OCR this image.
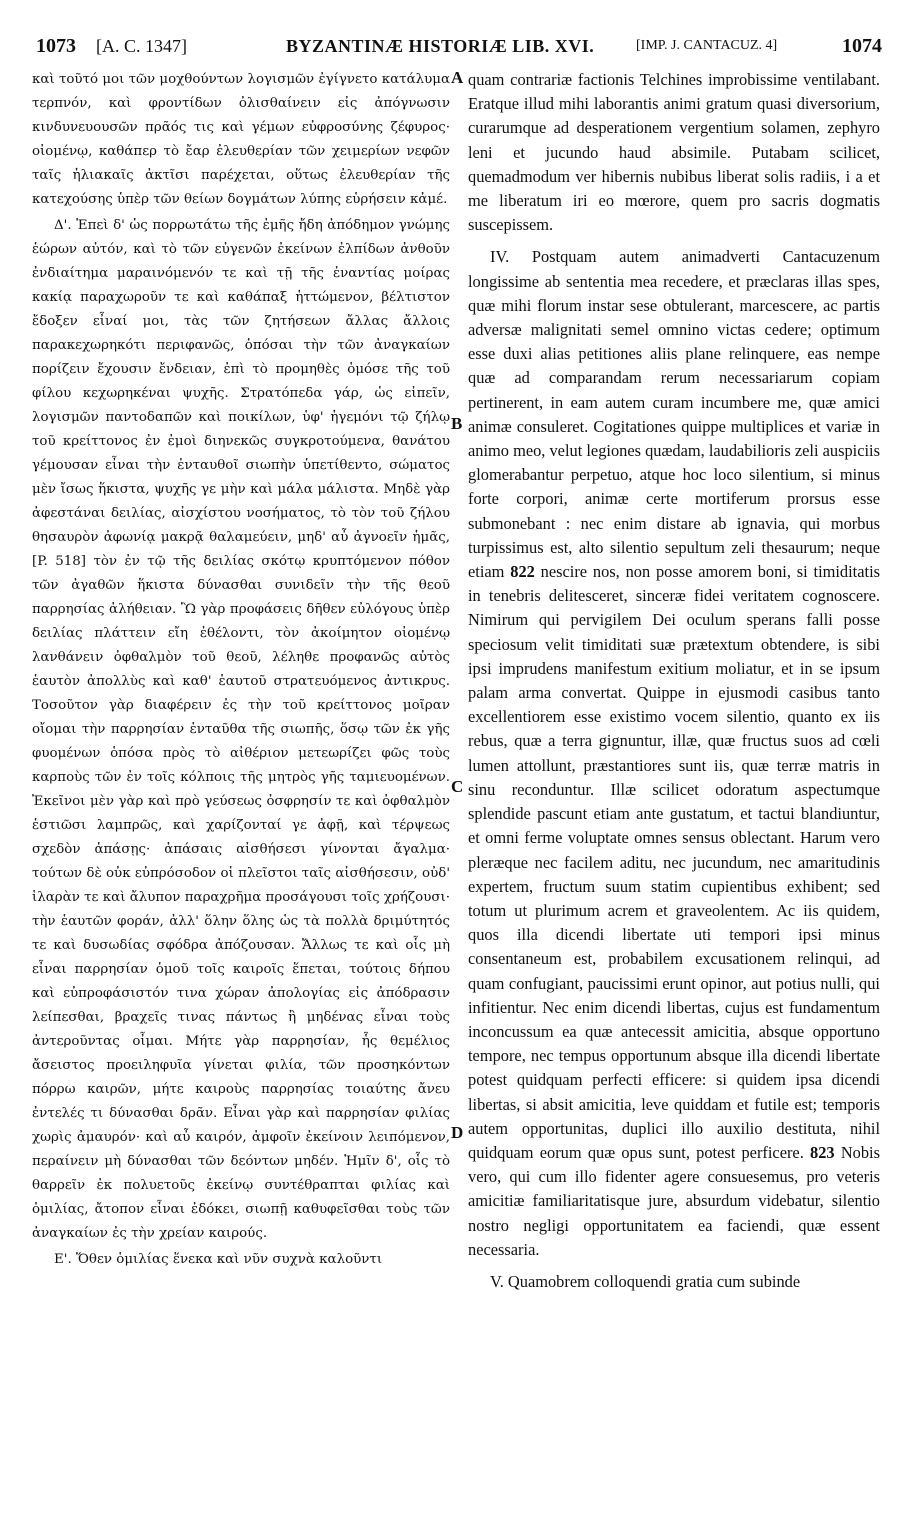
1073 [A. C. 1347]	BYZANTINÆ HISTORIÆ LIB. XVI.	[IMP. J. CANTACUZ. 4]	1074

καὶ τοῦτό μοι τῶν μοχθούντων λογισμῶν ἐγίγνετο κατάλυμα τερπνόν, καὶ φροντίδων ὀλισθαίνειν εἰς ἀπόγνωσιν κινδυνευουσῶν πρᾶός τις καὶ γέμων εὐφροσύνης ζέφυρος· οἰομένῳ, καθάπερ τὸ ἔαρ ἐλευθερίαν τῶν χειμερίων νεφῶν ταῖς ἡλιακαῖς ἀκτῖσι παρέχεται, οὕτως ἐλευθερίαν τῆς κατεχούσης ὑπὲρ τῶν θείων δογμάτων λύπης εὑρήσειν κἀμέ.

Δ'. Ἐπεὶ δ' ὡς πορρωτάτω τῆς ἐμῆς ἤδη ἀπόδημον γνώμης ἑώρων αὐτόν, καὶ τὸ τῶν εὐγενῶν ἐκείνων ἐλπίδων ἀνθοῦν ἐνδιαίτημα μαραινόμενόν τε καὶ τῇ τῆς ἐναντίας μοίρας κακίᾳ παραχωροῦν τε καὶ καθάπαξ ἡττώμενον, βέλτιστον ἔδοξεν εἶναί μοι, τὰς τῶν ζητήσεων ἄλλας ἄλλοις παρακεχωρηκότι περιφανῶς, ὁπόσαι τὴν τῶν ἀναγκαίων πορίζειν ἔχουσιν ἔνδειαν, ἐπὶ τὸ προμηθὲς ὁμόσε τῆς τοῦ φίλου κεχωρηκέναι ψυχῆς. Στρατόπεδα γάρ, ὡς εἰπεῖν, λογισμῶν παντοδαπῶν καὶ ποικίλων, ὑφ' ἡγεμόνι τῷ ζήλῳ τοῦ κρείττονος ἐν ἐμοὶ διηνεκῶς συγκροτούμενα, θανάτου γέμουσαν εἶναι τὴν ἐνταυθοῖ σιωπὴν ὑπετίθεντο, σώματος μὲν ἴσως ἥκιστα, ψυχῆς γε μὴν καὶ μάλα μάλιστα. Μηδὲ γὰρ ἀφεστάναι δειλίας, αἰσχίστου νοσήματος, τὸ τὸν τοῦ ζήλου θησαυρὸν ἀφωνίᾳ μακρᾷ θαλαμεύειν, μηδ' αὖ ἀγνοεῖν ἡμᾶς, [P. 518] τὸν ἐν τῷ τῆς δειλίας σκότῳ κρυπτόμενον πόθον τῶν ἀγαθῶν ἥκιστα δύνασθαι συνιδεῖν τὴν τῆς θεοῦ παρρησίας ἀλήθειαν. Ὢ γὰρ προφάσεις δῆθεν εὐλόγους ὑπὲρ δειλίας πλάττειν εἴη ἐθέλοντι, τὸν ἀκοίμητον οἰομένῳ λανθάνειν ὀφθαλμὸν τοῦ θεοῦ, λέληθε προφανῶς αὐτὸς ἑαυτὸν ἀπολλὺς καὶ καθ' ἑαυτοῦ στρατευόμενος ἀντικρυς. Τοσοῦτον γὰρ διαφέρειν ἐς τὴν τοῦ κρείττονος μοῖραν οἴομαι τὴν παρρησίαν ἐνταῦθα τῆς σιωπῆς, ὅσῳ τῶν ἐκ γῆς φυομένων ὁπόσα πρὸς τὸ αἰθέριον μετεωρίζει φῶς τοὺς καρποὺς τῶν ἐν τοῖς κόλποις τῆς μητρὸς γῆς ταμιευομένων. Ἐκεῖνοι μὲν γὰρ καὶ πρὸ γεύσεως ὀσφρησίν τε καὶ ὀφθαλμὸν ἑστιῶσι λαμπρῶς, καὶ χαρίζονταί γε ἀφῇ, καὶ τέρψεως σχεδὸν ἁπάσῃς· ἁπάσαις αἰσθήσεσι γίνονται ἄγαλμα· τούτων δὲ οὐκ εὐπρόσοδον οἱ πλεῖστοι ταῖς αἰσθήσεσιν, οὐδ' ἱλαρὰν τε καὶ ἄλυπον παραχρῆμα προσάγουσι τοῖς χρήζουσι· τὴν ἑαυτῶν φοράν, ἀλλ' ὅλην ὅλης ὡς τὰ πολλὰ δριμύτητός τε καὶ δυσωδίας σφόδρα ἀπόζουσαν. Ἄλλως τε καὶ οἷς μὴ εἶναι παρρησίαν ὁμοῦ τοῖς καιροῖς ἕπεται, τούτοις δήπου καὶ εὐπροφάσιστόν τινα χώραν ἀπολογίας εἰς ἀπόδρασιν λείπεσθαι, βραχεῖς τινας πάντως ἢ μηδένας εἶναι τοὺς ἀντεροῦντας οἶμαι. Μήτε γὰρ παρρησίαν, ἧς θεμέλιος ἄσειστος προειληφυῖα γίνεται φιλία, τῶν προσηκόντων πόρρω καιρῶν, μήτε καιροὺς παρρησίας τοιαύτης ἄνευ ἐντελές τι δύνασθαι δρᾶν. Εἶναι γὰρ καὶ παρρησίαν φιλίας χωρὶς ἀμαυρόν· καὶ αὖ καιρόν, ἀμφοῖν ἐκείνοιν λειπόμενον, περαίνειν μὴ δύνασθαι τῶν δεόντων μηδέν. Ἡμῖν δ', οἷς τὸ θαρρεῖν ἐκ πολυετοῦς ἐκείνῳ συντέθραπται φιλίας καὶ ὁμιλίας, ἄτοπον εἶναι ἐδόκει, σιωπῇ καθυφεῖσθαι τοὺς τῶν ἀναγκαίων ἐς τὴν χρείαν καιρούς.

Ε'. Ὅθεν ὁμιλίας ἕνεκα καὶ νῦν συχνὰ καλοῦντι

A
B
C
D

quam contrariæ factionis Telchines improbissime ventilabant. Eratque illud mihi laborantis animi gratum quasi diversorium, curarumque ad desperationem vergentium solamen, zephyro leni et jucundo haud absimile. Putabam scilicet, quemadmodum ver hibernis nubibus liberat solis radiis, i a et me liberatum iri eo mœrore, quem pro sacris dogmatis suscepissem.

IV. Postquam autem animadverti Cantacuzenum longissime ab sententia mea recedere, et præclaras illas spes, quæ mihi florum instar sese obtulerant, marcescere, ac partis adversæ malignitati semel omnino victas cedere; optimum esse duxi alias petitiones aliis plane relinquere, eas nempe quæ ad comparandam rerum necessariarum copiam pertinerent, in eam autem curam incumbere me, quæ amici animæ consuleret. Cogitationes quippe multiplices et variæ in animo meo, velut legiones quædam, laudabilioris zeli auspiciis glomerabantur perpetuo, atque hoc loco silentium, si minus forte corpori, animæ certe mortiferum prorsus esse submonebant : nec enim distare ab ignavia, qui morbus turpissimus est, alto silentio sepultum zeli thesaurum; neque etiam 822 nescire nos, non posse amorem boni, si timiditatis in tenebris delitesceret, sinceræ fidei veritatem cognoscere. Nimirum qui pervigilem Dei oculum sperans falli posse speciosum velit timiditati suæ prætextum obtendere, is sibi ipsi imprudens manifestum exitium moliatur, et in se ipsum palam arma convertat. Quippe in ejusmodi casibus tanto excellentiorem esse existimo vocem silentio, quanto ex iis rebus, quæ a terra gignuntur, illæ, quæ fructus suos ad cœli lumen attollunt, præstantiores sunt iis, quæ terræ matris in sinu reconduntur. Illæ scilicet odoratum aspectumque splendide pascunt etiam ante gustatum, et tactui blandiuntur, et omni ferme voluptate omnes sensus oblectant. Harum vero pleræque nec facilem aditu, nec jucundum, nec amaritudinis expertem, fructum suum statim cupientibus exhibent; sed totum ut plurimum acrem et graveolentem. Ac iis quidem, quos illa dicendi libertate uti tempori ipsi minus consentaneum est, probabilem excusationem relinqui, ad quam confugiant, paucissimi erunt opinor, aut potius nulli, qui infitientur. Nec enim dicendi libertas, cujus est fundamentum inconcussum ea quæ antecessit amicitia, absque opportuno tempore, nec tempus opportunum absque illa dicendi libertate potest quidquam perfecti efficere: si quidem ipsa dicendi libertas, si absit amicitia, leve quiddam et futile est; temporis autem opportunitas, duplici illo auxilio destituta, nihil quidquam eorum quæ opus sunt, potest perficere. 823 Nobis vero, qui cum illo fidenter agere consuesemus, pro veteris amicitiæ familiaritatisque jure, absurdum videbatur, silentio nostro negligi opportunitatem ea faciendi, quæ essent necessaria.

V. Quamobrem colloquendi gratia cum subinde
